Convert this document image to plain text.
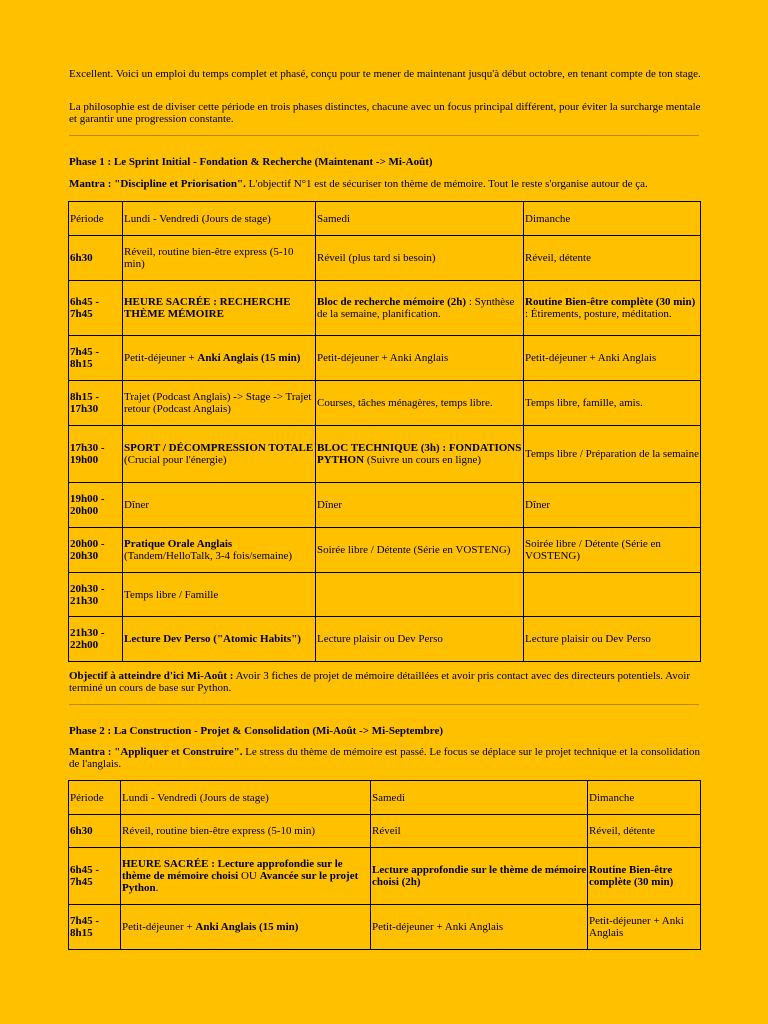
Excellent. Voici un emploi du temps complet et phasé, conçu pour te mener de maintenant jusqu'à début octobre, en tenant compte de ton stage.

La philosophie est de diviser cette période en trois phases distinctes, chacune avec un focus principal différent, pour éviter la surcharge mentale et garantir une progression constante.

Phase 1 : Le Sprint Initial - Fondation & Recherche (Maintenant -> Mi-Août)

Mantra : "Discipline et Priorisation". L'objectif N°1 est de sécuriser ton thème de mémoire. Tout le reste s'organise autour de ça.

Période	Lundi - Vendredi (Jours de stage)	Samedi	Dimanche
6h30	Réveil, routine bien-être express (5-10 min)	Réveil (plus tard si besoin)	Réveil, détente
6h45 - 7h45	HEURE SACRÉE : RECHERCHE THÈME MÉMOIRE	Bloc de recherche mémoire (2h) : Synthèse de la semaine, planification.	Routine Bien-être complète (30 min) : Étirements, posture, méditation.
7h45 - 8h15	Petit-déjeuner + Anki Anglais (15 min)	Petit-déjeuner + Anki Anglais	Petit-déjeuner + Anki Anglais
8h15 - 17h30	Trajet (Podcast Anglais) -> Stage -> Trajet retour (Podcast Anglais)	Courses, tâches ménagères, temps libre.	Temps libre, famille, amis.
17h30 - 19h00	SPORT / DÉCOMPRESSION TOTALE (Crucial pour l'énergie)	BLOC TECHNIQUE (3h) : FONDATIONS PYTHON (Suivre un cours en ligne)	Temps libre / Préparation de la semaine
19h00 - 20h00	Dîner	Dîner	Dîner
20h00 - 20h30	Pratique Orale Anglais (Tandem/HelloTalk, 3-4 fois/semaine)	Soirée libre / Détente (Série en VOSTENG)	Soirée libre / Détente (Série en VOSTENG)
20h30 - 21h30	Temps libre / Famille		
21h30 - 22h00	Lecture Dev Perso ("Atomic Habits")	Lecture plaisir ou Dev Perso	Lecture plaisir ou Dev Perso

Objectif à atteindre d'ici Mi-Août : Avoir 3 fiches de projet de mémoire détaillées et avoir pris contact avec des directeurs potentiels. Avoir terminé un cours de base sur Python.

Phase 2 : La Construction - Projet & Consolidation (Mi-Août -> Mi-Septembre)

Mantra : "Appliquer et Construire". Le stress du thème de mémoire est passé. Le focus se déplace sur le projet technique et la consolidation de l'anglais.

Période	Lundi - Vendredi (Jours de stage)	Samedi	Dimanche
6h30	Réveil, routine bien-être express (5-10 min)	Réveil	Réveil, détente
6h45 - 7h45	HEURE SACRÉE : Lecture approfondie sur le thème de mémoire choisi OU Avancée sur le projet Python.	Lecture approfondie sur le thème de mémoire choisi (2h)	Routine Bien-être complète (30 min)
7h45 - 8h15	Petit-déjeuner + Anki Anglais (15 min)	Petit-déjeuner + Anki Anglais	Petit-déjeuner + Anki Anglais
